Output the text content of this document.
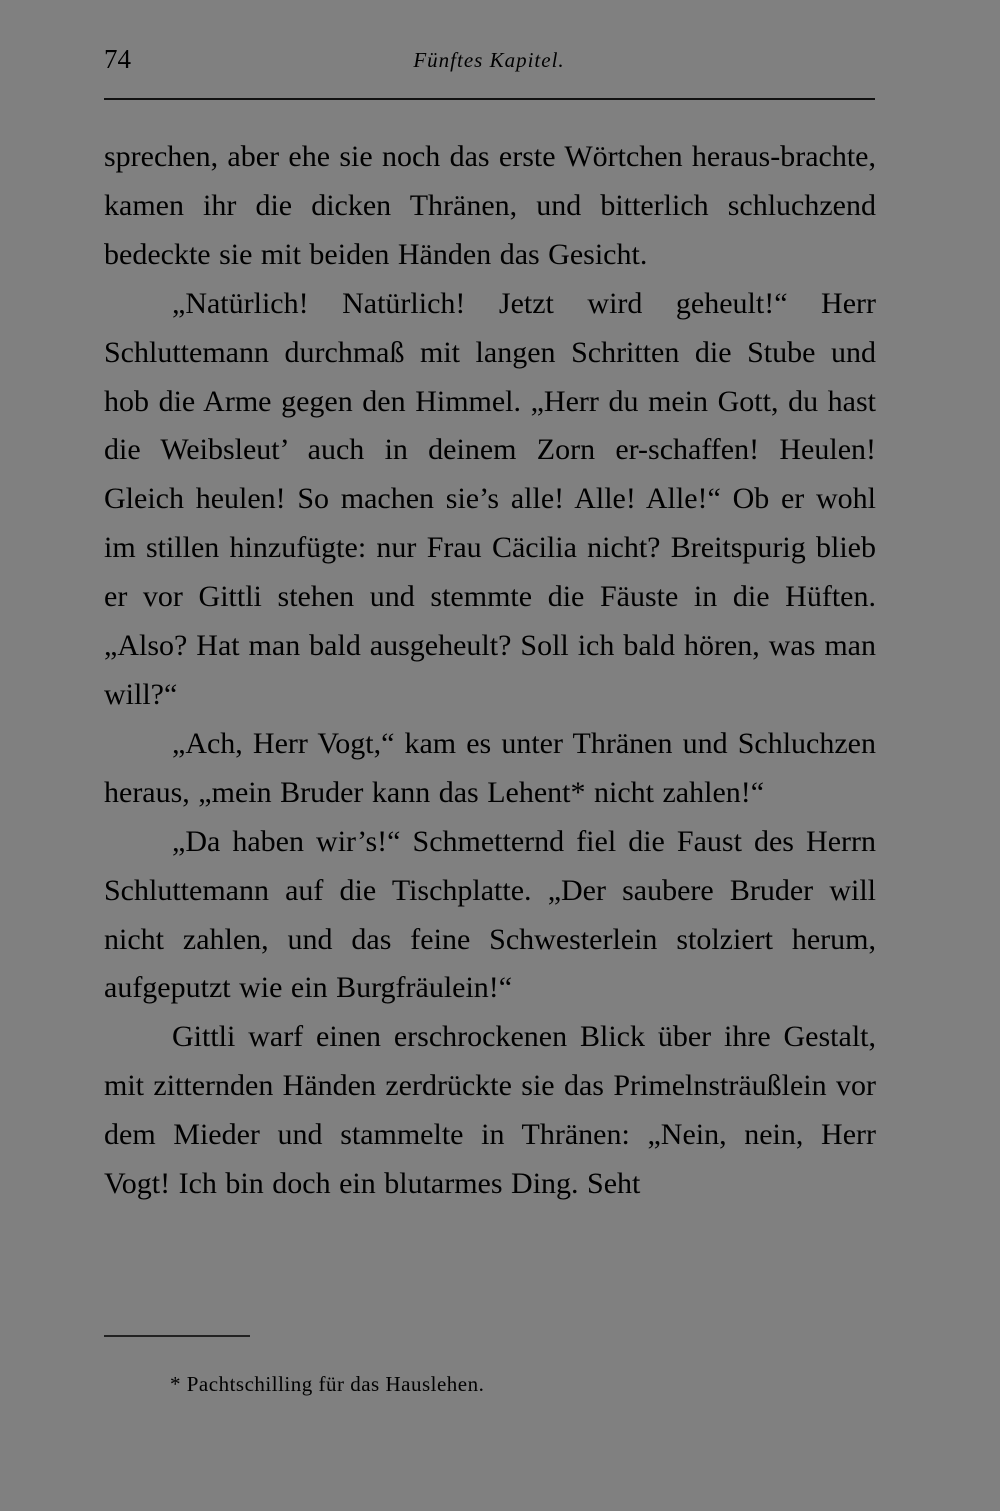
74	Fünftes Kapitel.

sprechen, aber ehe sie noch das erste Wörtchen heraus-brachte, kamen ihr die dicken Thränen, und bitterlich schluchzend bedeckte sie mit beiden Händen das Gesicht.

„Natürlich! Natürlich! Jetzt wird geheult!“ Herr Schluttemann durchmaß mit langen Schritten die Stube und hob die Arme gegen den Himmel. „Herr du mein Gott, du hast die Weibsleut’ auch in deinem Zorn er-schaffen! Heulen! Gleich heulen! So machen sie’s alle! Alle! Alle!“ Ob er wohl im stillen hinzufügte: nur Frau Cäcilia nicht? Breitspurig blieb er vor Gittli stehen und stemmte die Fäuste in die Hüften. „Also? Hat man bald ausgeheult? Soll ich bald hören, was man will?“

„Ach, Herr Vogt,“ kam es unter Thränen und Schluchzen heraus, „mein Bruder kann das Lehent* nicht zahlen!“

„Da haben wir’s!“ Schmetternd fiel die Faust des Herrn Schluttemann auf die Tischplatte. „Der saubere Bruder will nicht zahlen, und das feine Schwesterlein stolziert herum, aufgeputzt wie ein Burgfräulein!“

Gittli warf einen erschrockenen Blick über ihre Gestalt, mit zitternden Händen zerdrückte sie das Primelnsträußlein vor dem Mieder und stammelte in Thränen: „Nein, nein, Herr Vogt! Ich bin doch ein blutarmes Ding. Seht

* Pachtschilling für das Hauslehen.
